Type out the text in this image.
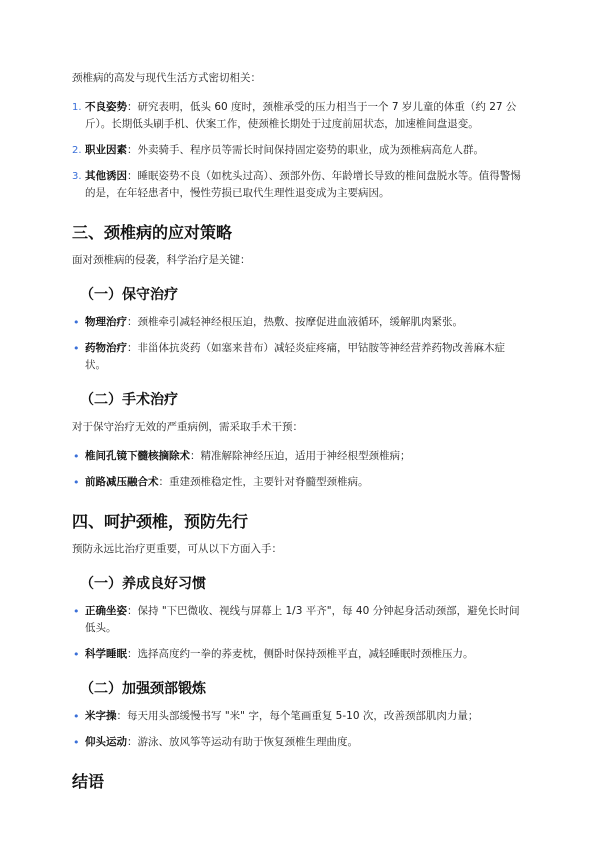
颈椎病的高发与现代生活方式密切相关：

1. 不良姿势：研究表明，低头 60 度时，颈椎承受的压力相当于一个 7 岁儿童的体重（约 27 公斤）。长期低头刷手机、伏案工作，使颈椎长期处于过度前屈状态，加速椎间盘退变。
2. 职业因素：外卖骑手、程序员等需长时间保持固定姿势的职业，成为颈椎病高危人群。
3. 其他诱因：睡眠姿势不良（如枕头过高）、颈部外伤、年龄增长导致的椎间盘脱水等。值得警惕的是，在年轻患者中，慢性劳损已取代生理性退变成为主要病因。
三、颈椎病的应对策略

面对颈椎病的侵袭，科学治疗是关键：

（一）保守治疗
• 物理治疗：颈椎牵引减轻神经根压迫，热敷、按摩促进血液循环，缓解肌肉紧张。
• 药物治疗：非甾体抗炎药（如塞来昔布）减轻炎症疼痛，甲钴胺等神经营养药物改善麻木症状。
（二）手术治疗

对于保守治疗无效的严重病例，需采取手术干预：

• 椎间孔镜下髓核摘除术：精准解除神经压迫，适用于神经根型颈椎病；
• 前路减压融合术：重建颈椎稳定性，主要针对脊髓型颈椎病。
四、呵护颈椎，预防先行

预防永远比治疗更重要，可从以下方面入手：

（一）养成良好习惯
• 正确坐姿：保持 "下巴微收、视线与屏幕上 1/3 平齐"，每 40 分钟起身活动颈部，避免长时间低头。
• 科学睡眠：选择高度约一拳的荞麦枕，侧卧时保持颈椎平直，减轻睡眠时颈椎压力。
（二）加强颈部锻炼
• 米字操：每天用头部缓慢书写 "米" 字，每个笔画重复 5-10 次，改善颈部肌肉力量；
• 仰头运动：游泳、放风筝等运动有助于恢复颈椎生理曲度。
结语
